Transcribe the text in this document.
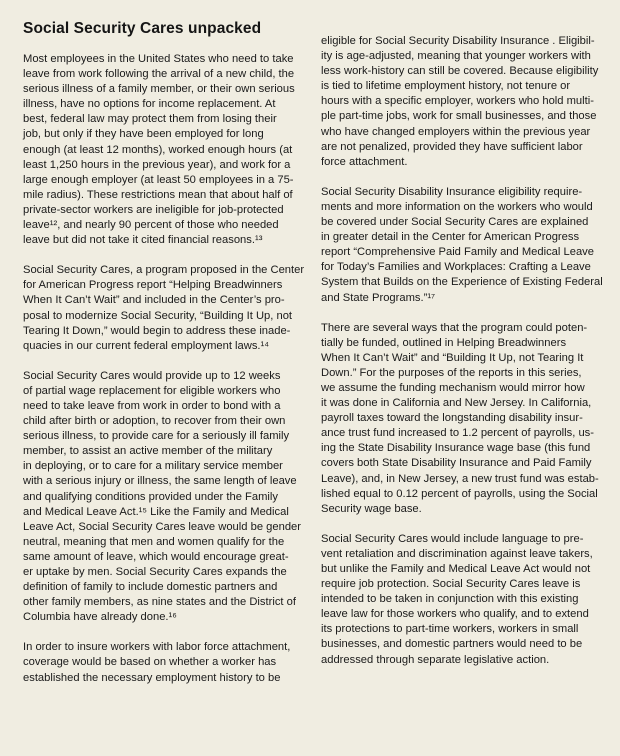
Social Security Cares unpacked
Most employees in the United States who need to take
leave from work following the arrival of a new child, the
serious illness of a family member, or their own serious
illness, have no options for income replacement. At
best, federal law may protect them from losing their
job, but only if they have been employed for long
enough (at least 12 months), worked enough hours (at
least 1,250 hours in the previous year), and work for a
large enough employer (at least 50 employees in a 75-
mile radius). These restrictions mean that about half of
private-sector workers are ineligible for job-protected
leave¹², and nearly 90 percent of those who needed
leave but did not take it cited financial reasons.¹³
Social Security Cares, a program proposed in the Center
for American Progress report “Helping Breadwinners
When It Can’t Wait” and included in the Center’s pro-
posal to modernize Social Security, “Building It Up, not
Tearing It Down,” would begin to address these inade-
quacies in our current federal employment laws.¹⁴
Social Security Cares would provide up to 12 weeks
of partial wage replacement for eligible workers who
need to take leave from work in order to bond with a
child after birth or adoption, to recover from their own
serious illness, to provide care for a seriously ill family
member, to assist an active member of the military
in deploying, or to care for a military service member
with a serious injury or illness, the same length of leave
and qualifying conditions provided under the Family
and Medical Leave Act.¹⁵ Like the Family and Medical
Leave Act, Social Security Cares leave would be gender
neutral, meaning that men and women qualify for the
same amount of leave, which would encourage great-
er uptake by men. Social Security Cares expands the
definition of family to include domestic partners and
other family members, as nine states and the District of
Columbia have already done.¹⁶
In order to insure workers with labor force attachment,
coverage would be based on whether a worker has
established the necessary employment history to be
eligible for Social Security Disability Insurance . Eligibil-
ity is age-adjusted, meaning that younger workers with
less work-history can still be covered. Because eligibility
is tied to lifetime employment history, not tenure or
hours with a specific employer, workers who hold multi-
ple part-time jobs, work for small businesses, and those
who have changed employers within the previous year
are not penalized, provided they have sufficient labor
force attachment.
Social Security Disability Insurance eligibility require-
ments and more information on the workers who would
be covered under Social Security Cares are explained
in greater detail in the Center for American Progress
report “Comprehensive Paid Family and Medical Leave
for Today’s Families and Workplaces: Crafting a Leave
System that Builds on the Experience of Existing Federal
and State Programs.”¹⁷
There are several ways that the program could poten-
tially be funded, outlined in Helping Breadwinners
When It Can’t Wait” and “Building It Up, not Tearing It
Down.” For the purposes of the reports in this series,
we assume the funding mechanism would mirror how
it was done in California and New Jersey. In California,
payroll taxes toward the longstanding disability insur-
ance trust fund increased to 1.2 percent of payrolls, us-
ing the State Disability Insurance wage base (this fund
covers both State Disability Insurance and Paid Family
Leave), and, in New Jersey, a new trust fund was estab-
lished equal to 0.12 percent of payrolls, using the Social
Security wage base.
Social Security Cares would include language to pre-
vent retaliation and discrimination against leave takers,
but unlike the Family and Medical Leave Act would not
require job protection. Social Security Cares leave is
intended to be taken in conjunction with this existing
leave law for those workers who qualify, and to extend
its protections to part-time workers, workers in small
businesses, and domestic partners would need to be
addressed through separate legislative action.
